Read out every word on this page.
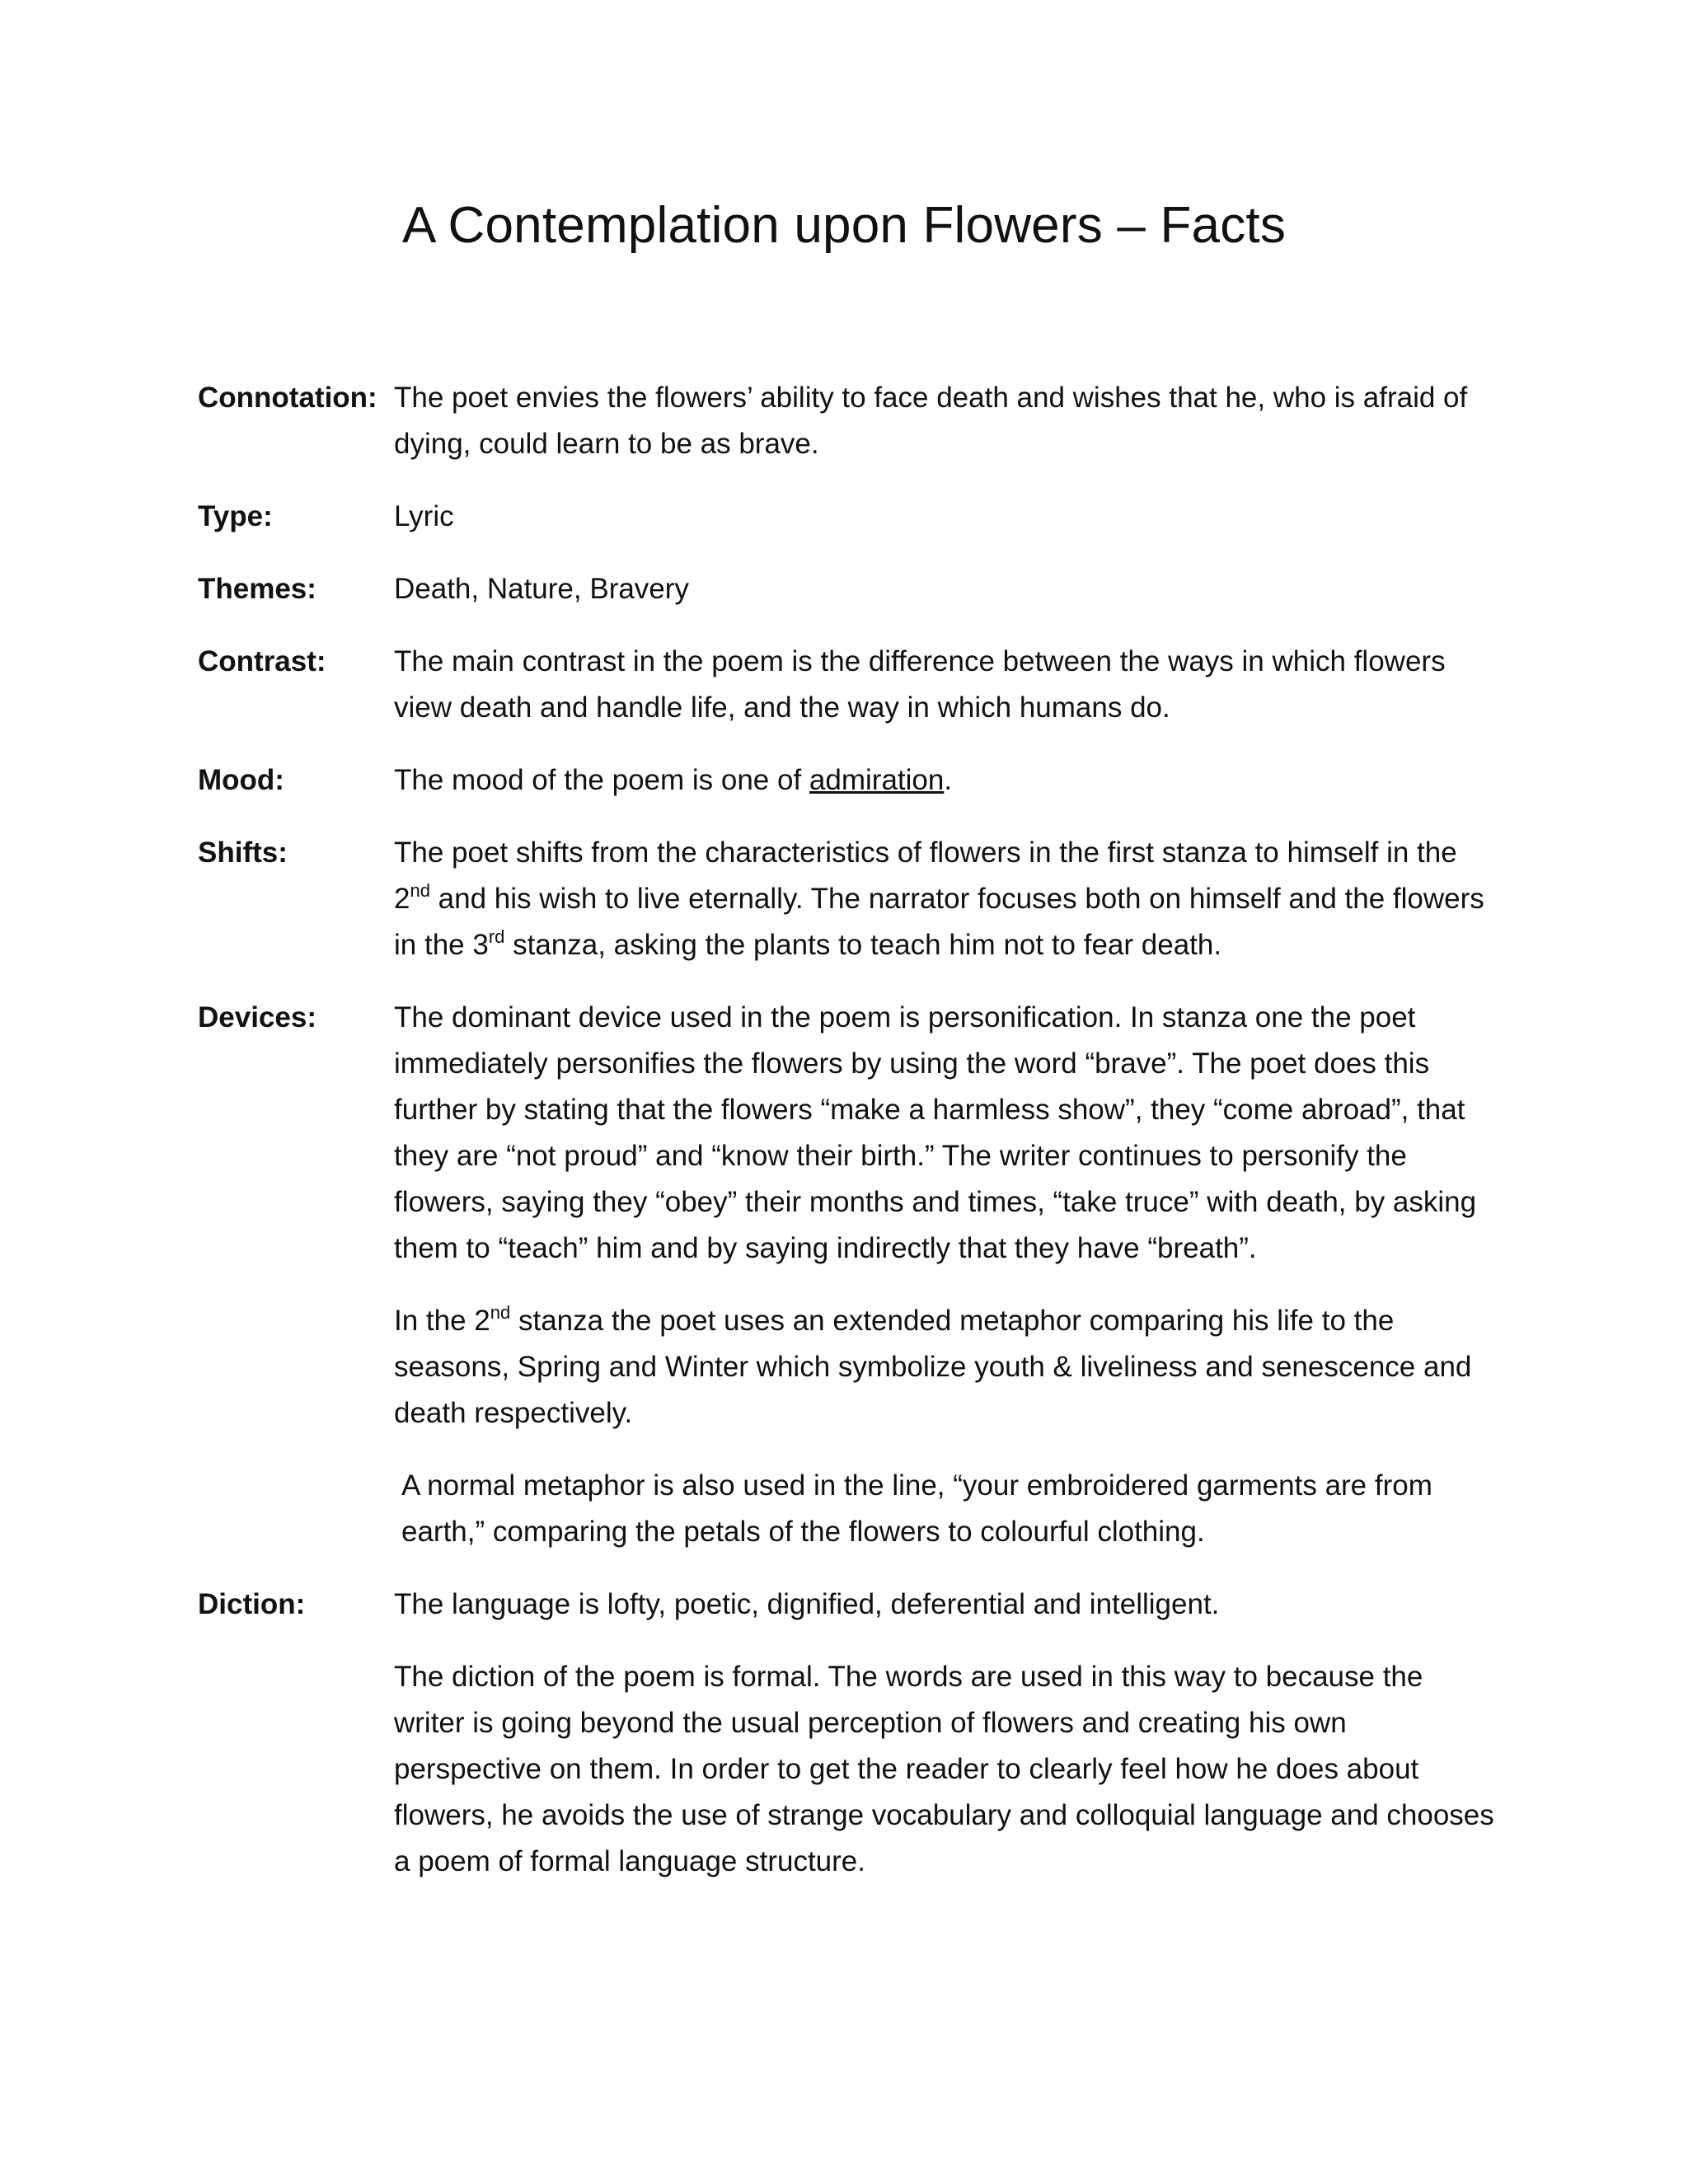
A Contemplation upon Flowers – Facts
Connotation: The poet envies the flowers’ ability to face death and wishes that he, who is afraid of dying, could learn to be as brave.

Type:	Lyric

Themes:	Death, Nature, Bravery

Contrast:	The main contrast in the poem is the difference between the ways in which flowers view death and handle life, and the way in which humans do.

Mood:	The mood of the poem is one of admiration.

Shifts:	The poet shifts from the characteristics of flowers in the first stanza to himself in the 2nd and his wish to live eternally. The narrator focuses both on himself and the flowers in the 3rd stanza, asking the plants to teach him not to fear death.

Devices:	The dominant device used in the poem is personification. In stanza one the poet immediately personifies the flowers by using the word “brave”. The poet does this further by stating that the flowers “make a harmless show”, they “come abroad”, that they are “not proud” and “know their birth.” The writer continues to personify the flowers, saying they “obey” their months and times, “take truce” with death, by asking them to “teach” him and by saying indirectly that they have “breath”.

In the 2nd stanza the poet uses an extended metaphor comparing his life to the seasons, Spring and Winter which symbolize youth & liveliness and senescence and death respectively.

A normal metaphor is also used in the line, “your embroidered garments are from earth,” comparing the petals of the flowers to colourful clothing.

Diction:	The language is lofty, poetic, dignified, deferential and intelligent.

The diction of the poem is formal. The words are used in this way to because the writer is going beyond the usual perception of flowers and creating his own perspective on them. In order to get the reader to clearly feel how he does about flowers, he avoids the use of strange vocabulary and colloquial language and chooses a poem of formal language structure.
